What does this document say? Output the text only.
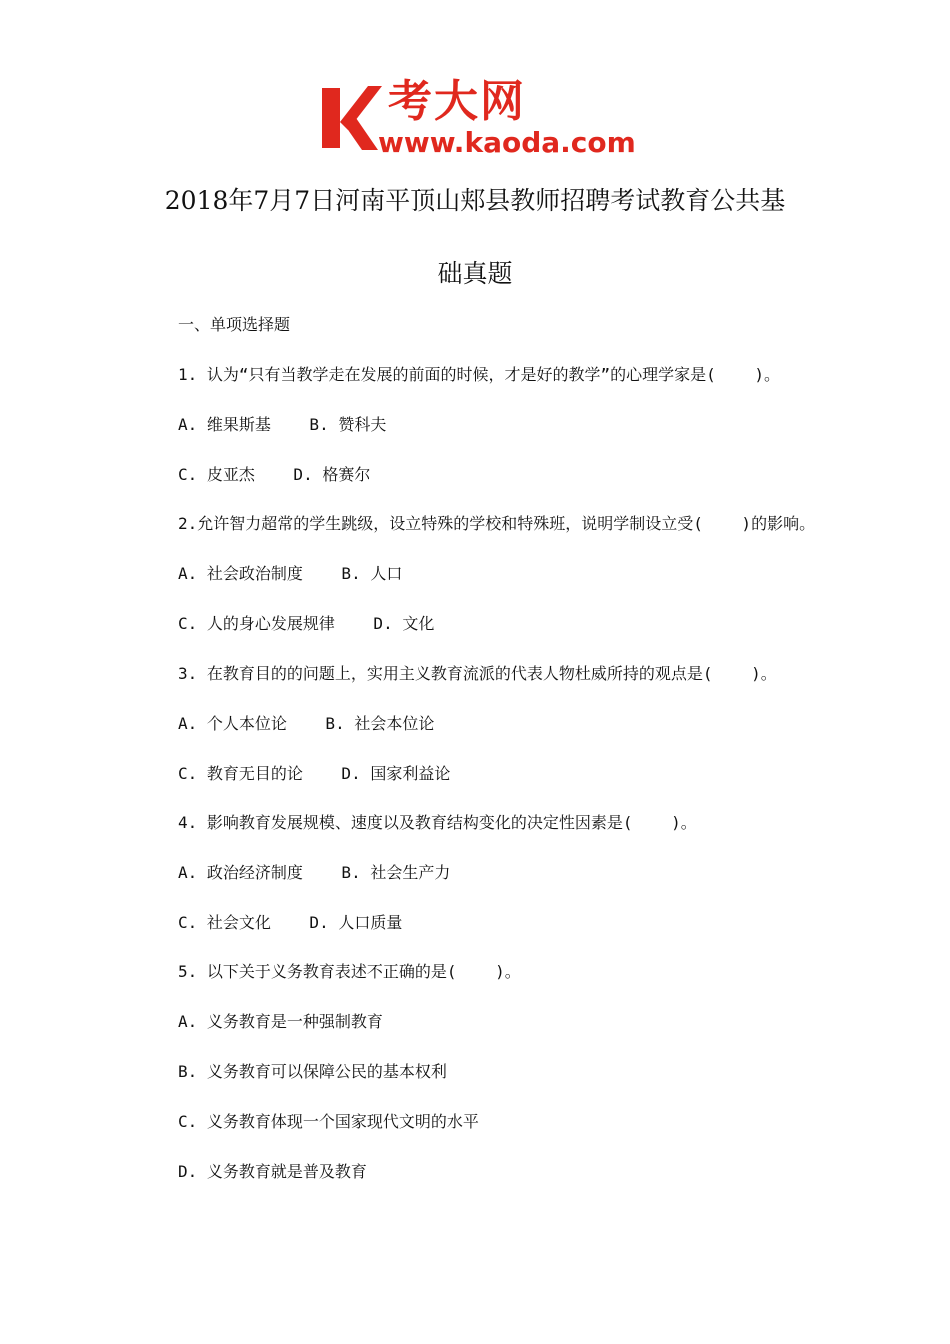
考大网
www.kaoda.com
2018年7月7日河南平顶山郏县教师招聘考试教育公共基
础真题
一、单项选择题
1. 认为“只有当教学走在发展的前面的时候，才是好的教学”的心理学家是(    )。
A. 维果斯基    B. 赞科夫
C. 皮亚杰    D. 格赛尔
2.允许智力超常的学生跳级，设立特殊的学校和特殊班，说明学制设立受(    )的影响。
A. 社会政治制度    B. 人口
C. 人的身心发展规律    D. 文化
3. 在教育目的的问题上，实用主义教育流派的代表人物杜威所持的观点是(    )。
A. 个人本位论    B. 社会本位论
C. 教育无目的论    D. 国家利益论
4. 影响教育发展规模、速度以及教育结构变化的决定性因素是(    )。
A. 政治经济制度    B. 社会生产力
C. 社会文化    D. 人口质量
5. 以下关于义务教育表述不正确的是(    )。
A. 义务教育是一种强制教育
B. 义务教育可以保障公民的基本权利
C. 义务教育体现一个国家现代文明的水平
D. 义务教育就是普及教育
